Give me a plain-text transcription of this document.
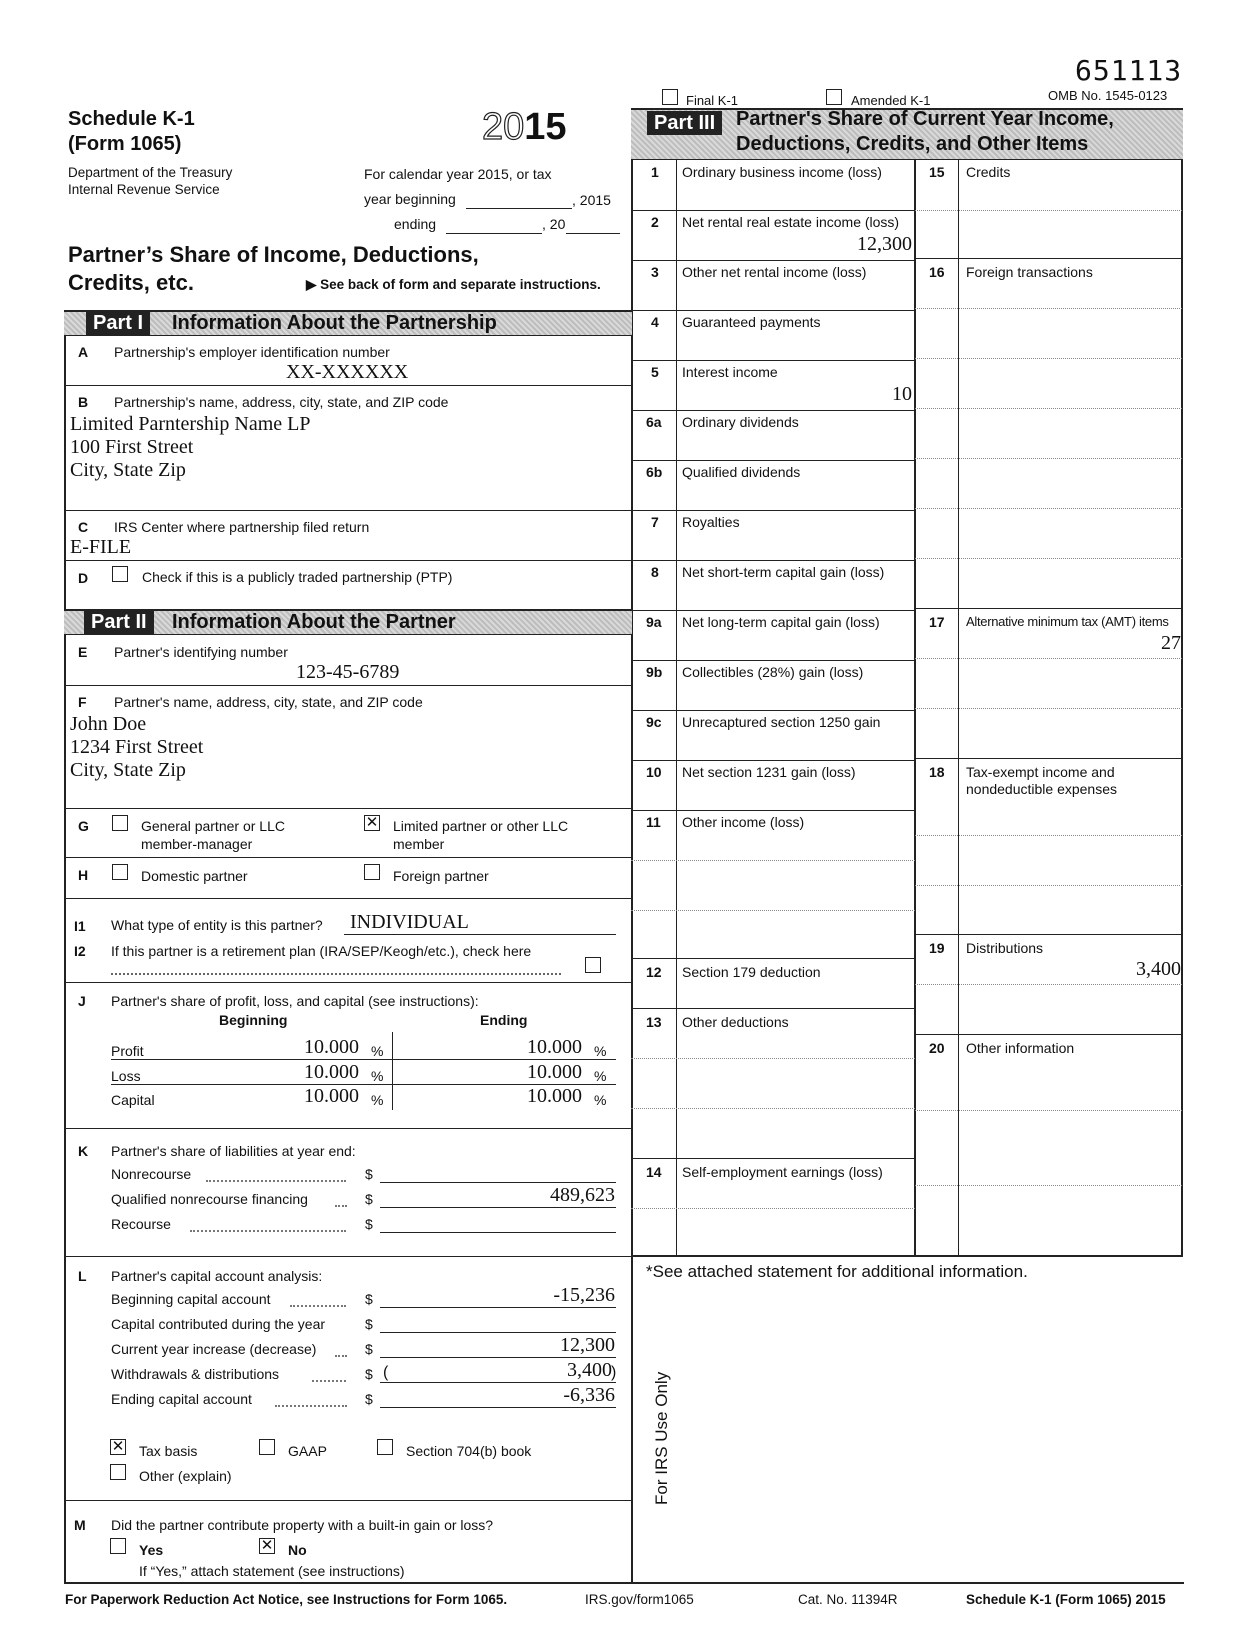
651113
OMB No. 1545-0123
Final K-1	Amended K-1
Schedule K-1
(Form 1065)	2015
Department of the Treasury
Internal Revenue Service
For calendar year 2015, or tax
year beginning	, 2015
ending	, 20
Partner’s Share of Income, Deductions,
Credits, etc.	▶ See back of form and separate instructions.
Part I	Information About the Partnership
A Partnership's employer identification number
XX-XXXXXX
B Partnership's name, address, city, state, and ZIP code
Limited Parntership Name LP
100 First Street
City, State Zip
C IRS Center where partnership filed return
E-FILE
D	Check if this is a publicly traded partnership (PTP)
Part II	Information About the Partner
E Partner's identifying number
123-45-6789
F Partner's name, address, city, state, and ZIP code
John Doe
1234 First Street
City, State Zip
G	General partner or LLC
member-manager
✕ Limited partner or other LLC
member
H	Domestic partner	Foreign partner
I1 What type of entity is this partner? INDIVIDUAL
I2 If this partner is a retirement plan (IRA/SEP/Keogh/etc.), check here
J Partner's share of profit, loss, and capital (see instructions):
Beginning	Ending
Profit	10.000 %	10.000 %
Loss	10.000 %	10.000 %
Capital	10.000 %	10.000 %
K Partner's share of liabilities at year end:
Nonrecourse	$
Qualified nonrecourse financing	$	489,623
Recourse	$
L Partner's capital account analysis:
Beginning capital account	$	-15,236
Capital contributed during the year	$
Current year increase (decrease)	$	12,300
Withdrawals & distributions	$ (	3,400 )
Ending capital account	$	-6,336
✕ Tax basis	GAAP	Section 704(b) book
Other (explain)
M Did the partner contribute property with a built-in gain or loss?
Yes	✕ No
If “Yes,” attach statement (see instructions)
Part III	Partner's Share of Current Year Income,
Deductions, Credits, and Other Items
1 Ordinary business income (loss)
2 Net rental real estate income (loss)
12,300
3 Other net rental income (loss)
4 Guaranteed payments
5 Interest income
10
6a Ordinary dividends
6b Qualified dividends
7 Royalties
8 Net short-term capital gain (loss)
9a Net long-term capital gain (loss)
9b Collectibles (28%) gain (loss)
9c Unrecaptured section 1250 gain
10 Net section 1231 gain (loss)
11 Other income (loss)
12 Section 179 deduction
13 Other deductions
14 Self-employment earnings (loss)
15 Credits
16 Foreign transactions
17 Alternative minimum tax (AMT) items
27
18 Tax-exempt income and
nondeductible expenses
19 Distributions
3,400
20 Other information
*See attached statement for additional information.
For IRS Use Only
For Paperwork Reduction Act Notice, see Instructions for Form 1065.	IRS.gov/form1065	Cat. No. 11394R	Schedule K-1 (Form 1065) 2015
